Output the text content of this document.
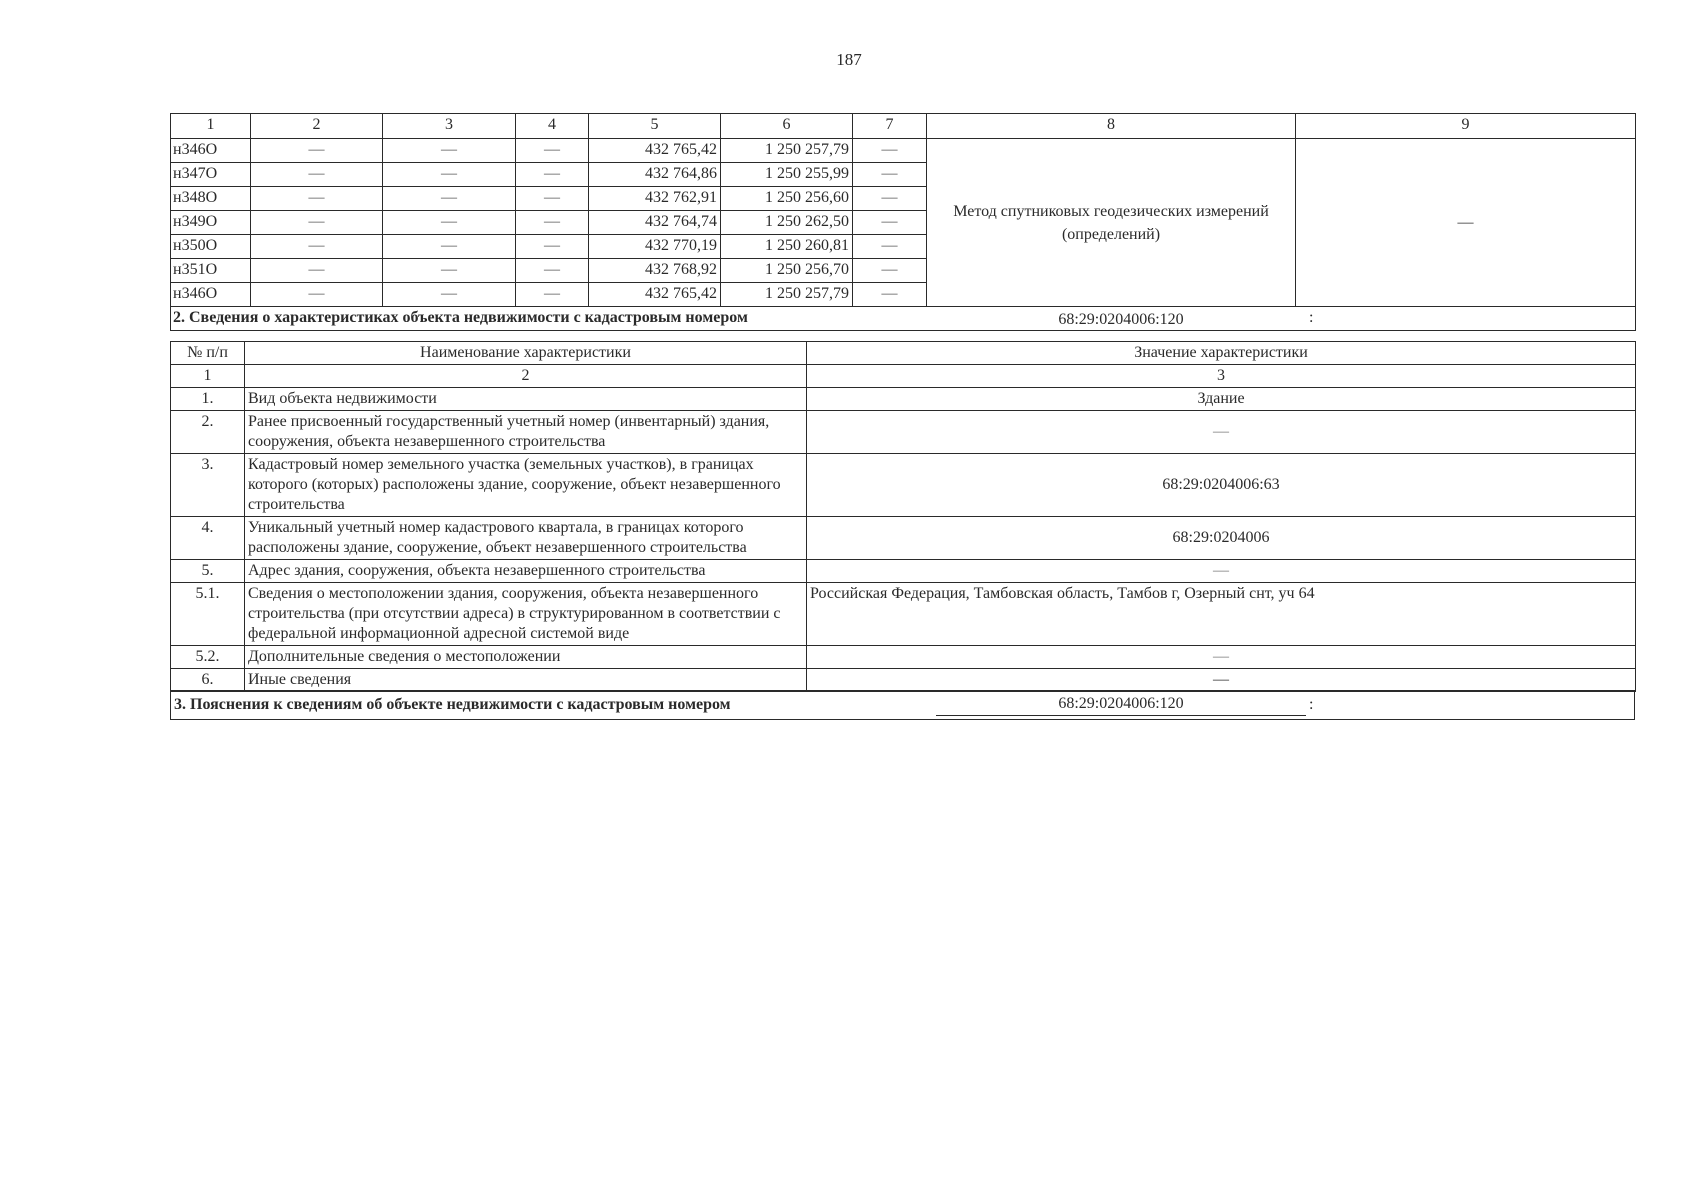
187
1	2	3	4	5	6	7	8	9
н346О	—	—	—	432 765,42	1 250 257,79	—	Метод спутниковых геодезических измерений (определений)	—
н347О	—	—	—	432 764,86	1 250 255,99	—		
н348О	—	—	—	432 762,91	1 250 256,60	—		
н349О	—	—	—	432 764,74	1 250 262,50	—		
н350О	—	—	—	432 770,19	1 250 260,81	—		
н351О	—	—	—	432 768,92	1 250 256,70	—		
н346О	—	—	—	432 765,42	1 250 257,79	—		
2. Сведения о характеристиках объекта недвижимости с кадастровым номером 68:29:0204006:120 :								
№ п/п	Наименование характеристики	Значение характеристики
1	2	3
1.	Вид объекта недвижимости	Здание
2.	Ранее присвоенный государственный учетный номер (инвентарный) здания, сооружения, объекта незавершенного строительства	—
3.	Кадастровый номер земельного участка (земельных участков), в границах которого (которых) расположены здание, сооружение, объект незавершенного строительства	68:29:0204006:63
4.	Уникальный учетный номер кадастрового квартала, в границах которого расположены здание, сооружение, объект незавершенного строительства	68:29:0204006
5.	Адрес здания, сооружения, объекта незавершенного строительства	—
5.1.	Сведения о местоположении здания, сооружения, объекта незавершенного строительства (при отсутствии адреса) в структурированном в соответствии с федеральной информационной адресной системой виде	Российская Федерация, Тамбовская область, Тамбов г, Озерный снт, уч 64
5.2.	Дополнительные сведения о местоположении	—
6.	Иные сведения	—
3. Пояснения к сведениям об объекте недвижимости с кадастровым номером	68:29:0204006:120	:
